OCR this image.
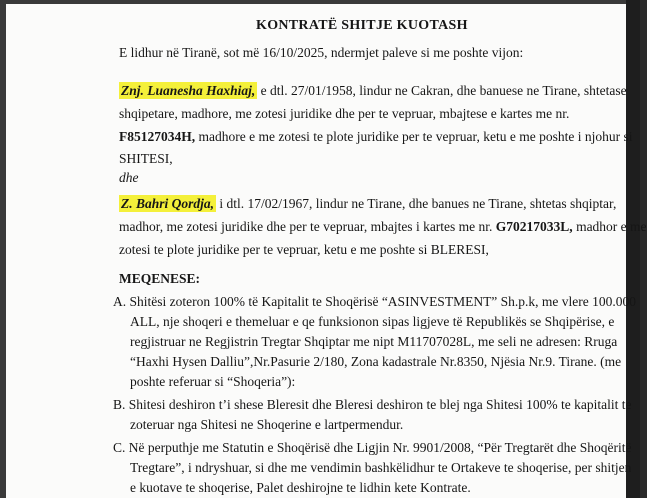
KONTRATË SHITJE KUOTASH
E lidhur në Tiranë, sot më 16/10/2025, ndermjet paleve si me poshte vijon:
Znj. Luanesha Haxhiaj, e dtl. 27/01/1958, lindur ne Cakran, dhe banuese ne Tirane, shtetase
shqipetare, madhore, me zotesi juridike dhe per te vepruar, mbajtese e kartes me nr.
F85127034H, madhore e me zotesi te plote juridike per te vepruar, ketu e me poshte i njohur si
SHITESI,
dhe
Z. Bahri Qordja, i dtl. 17/02/1967, lindur ne Tirane, dhe banues ne Tirane, shtetas shqiptar,
madhor, me zotesi juridike dhe per te vepruar, mbajtes i kartes me nr. G70217033L, madhor e me
zotesi te plote juridike per te vepruar, ketu e me poshte si BLERESI,
MEQENESE:
A. Shitësi zoteron 100% të Kapitalit te Shoqërisë “ASINVESTMENT” Sh.p.k, me vlere 100.000
ALL, nje shoqeri e themeluar e qe funksionon sipas ligjeve të Republikës se Shqipërise, e
regjistruar ne Regjistrin Tregtar Shqiptar me nipt M11707028L, me seli ne adresen: Rruga
“Haxhi Hysen Dalliu”,Nr.Pasurie 2/180, Zona kadastrale Nr.8350, Njësia Nr.9. Tirane. (me
poshte referuar si “Shoqeria”):
B. Shitesi deshiron t’i shese Bleresit dhe Bleresi deshiron te blej nga Shitesi 100% te kapitalit te
zoteruar nga Shitesi ne Shoqerine e lartpermendur.
C. Në perputhje me Statutin e Shoqërisë dhe Ligjin Nr. 9901/2008, “Për Tregtarët dhe Shoqëritë
Tregtare”, i ndryshuar, si dhe me vendimin bashkëlidhur te Ortakeve te shoqerise, per shitjen
e kuotave te shoqerise, Palet deshirojne te lidhin kete Kontrate.
